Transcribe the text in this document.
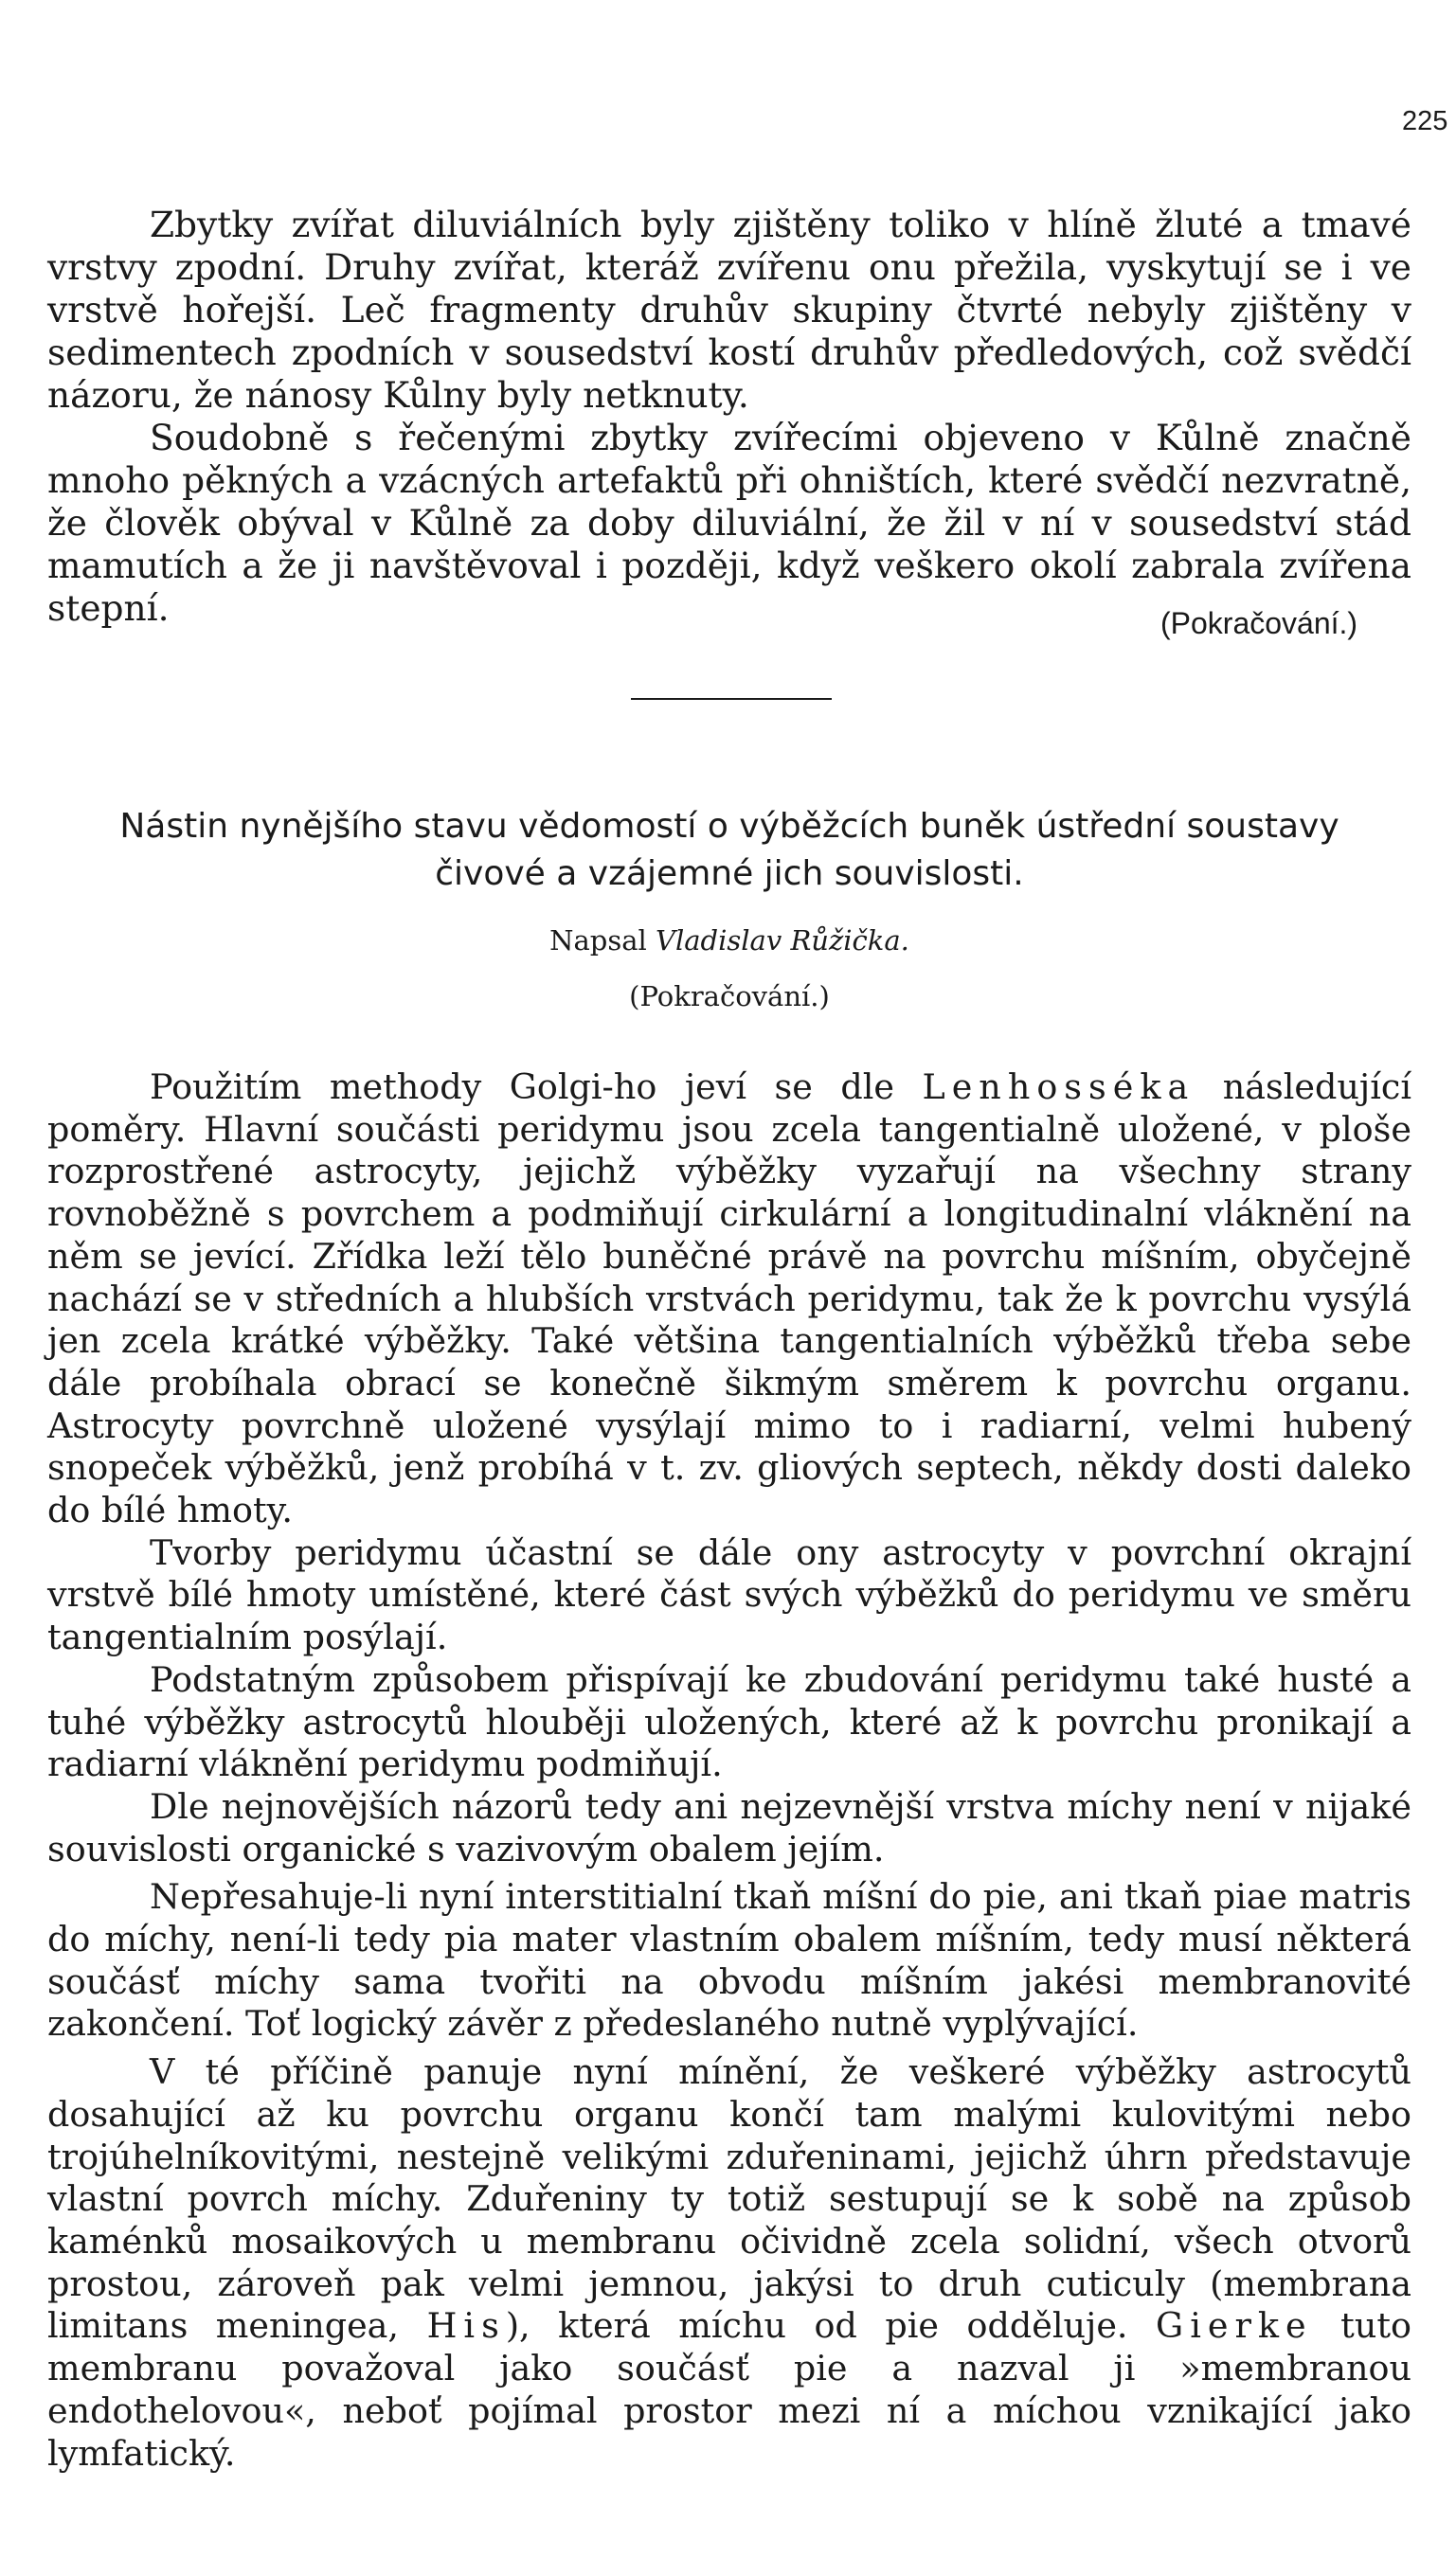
225

Zbytky zvířat diluviálních byly zjištěny toliko v hlíně žluté a tmavé vrstvy zpodní. Druhy zvířat, kteráž zvířenu onu přežila, vyskytují se i ve vrstvě hořejší. Leč fragmenty druhův skupiny čtvrté nebyly zjištěny v sedimentech zpodních v sousedství kostí druhův předledových, což svědčí názoru, že nánosy Kůlny byly netknuty.

Soudobně s řečenými zbytky zvířecími objeveno v Kůlně značně mnoho pěkných a vzácných artefaktů při ohništích, které svědčí nezvratně, že člověk obýval v Kůlně za doby diluviální, že žil v ní v sousedství stád mamutích a že ji navštěvoval i později, když veškero okolí zabrala zvířena stepní.	(Pokračování.)
Nástin nynějšího stavu vědomostí o výběžcích buněk ústřední soustavy
čivové a vzájemné jich souvislosti.
Napsal Vladislav Růžička.
(Pokračování.)

Použitím methody Golgi-ho jeví se dle Lenhosséka následující poměry. Hlavní součásti peridymu jsou zcela tangentialně uložené, v ploše rozprostřené astrocyty, jejichž výběžky vyzařují na všechny strany rovnoběžně s povrchem a podmiňují cirkulární a longitudinalní vláknění na něm se jevící. Zřídka leží tělo buněčné právě na povrchu míšním, obyčejně nachází se v středních a hlubších vrstvách peridymu, tak že k povrchu vysýlá jen zcela krátké výběžky. Také většina tangentialních výběžků třeba sebe dále probíhala obrací se konečně šikmým směrem k povrchu organu. Astrocyty povrchně uložené vysýlají mimo to i radiarní, velmi hubený snopeček výběžků, jenž probíhá v t. zv. gliových septech, někdy dosti daleko do bílé hmoty.

Tvorby peridymu účastní se dále ony astrocyty v povrchní okrajní vrstvě bílé hmoty umístěné, které část svých výběžků do peridymu ve směru tangentialním posýlají.

Podstatným způsobem přispívají ke zbudování peridymu také husté a tuhé výběžky astrocytů hlouběji uložených, které až k povrchu pronikají a radiarní vláknění peridymu podmiňují.

Dle nejnovějších názorů tedy ani nejzevnější vrstva míchy není v nijaké souvislosti organické s vazivovým obalem jejím.

Nepřesahuje-li nyní interstitialní tkaň míšní do pie, ani tkaň piae matris do míchy, není-li tedy pia mater vlastním obalem míšním, tedy musí některá součásť míchy sama tvořiti na obvodu míšním jakési membranovité zakončení. Toť logický závěr z předeslaného nutně vyplývající.

V té příčině panuje nyní mínění, že veškeré výběžky astrocytů dosahující až ku povrchu organu končí tam malými kulovitými nebo trojúhelníkovitými, nestejně velikými zduřeninami, jejichž úhrn představuje vlastní povrch míchy. Zduřeniny ty totiž sestupují se k sobě na způsob kaménků mosaikových u membranu očividně zcela solidní, všech otvorů prostou, zároveň pak velmi jemnou, jakýsi to druh cuticuly (membrana limitans meningea, His), která míchu od pie odděluje. Gierke tuto membranu považoval jako součásť pie a nazval ji »membranou endothelovou«, neboť pojímal prostor mezi ní a míchou vznikající jako lymfatický.
